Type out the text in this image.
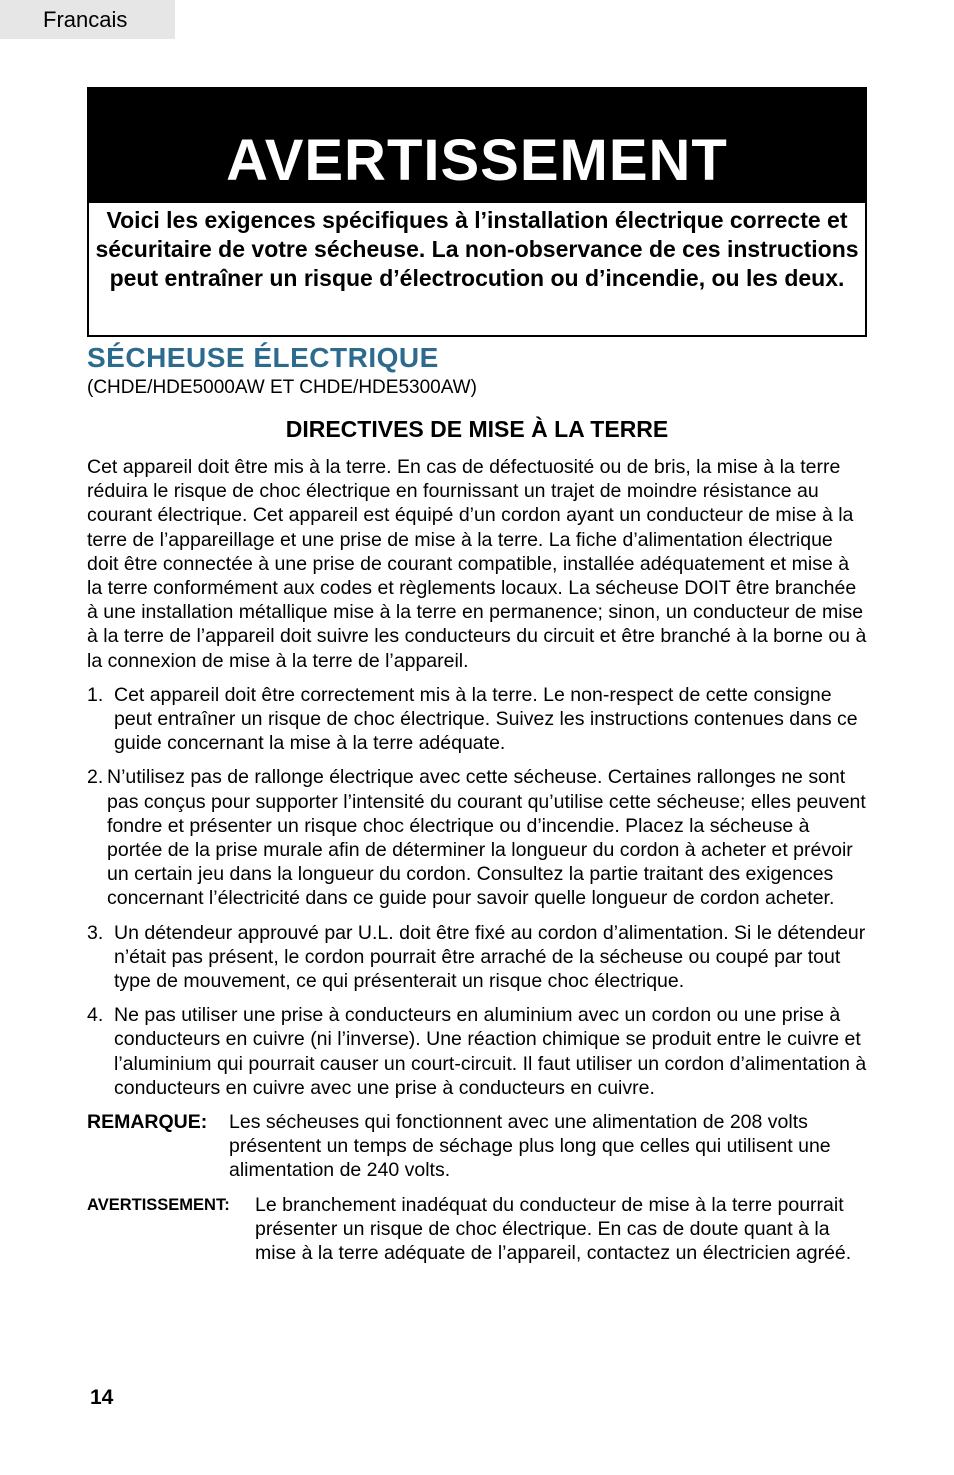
Francais
AVERTISSEMENT
Voici les exigences spécifiques à l’installation électrique correcte et sécuritaire de votre sécheuse. La non-observance de ces instructions peut entraîner un risque d’électrocution ou d’incendie, ou les deux.
SÉCHEUSE ÉLECTRIQUE
(CHDE/HDE5000AW ET CHDE/HDE5300AW)
DIRECTIVES DE MISE À LA TERRE

Cet appareil doit être mis à la terre. En cas de défectuosité ou de bris, la mise à la terre réduira le risque de choc électrique en fournissant un trajet de moindre résistance au courant électrique. Cet appareil est équipé d’un cordon ayant un conducteur de mise à la terre de l’appareillage et une prise de mise à la terre. La fiche d’alimentation électrique doit être connectée à une prise de courant compatible, installée adéquatement et mise à la terre conformément aux codes et règlements locaux. La sécheuse DOIT être branchée à une installation métallique mise à la terre en permanence; sinon, un conducteur de mise à la terre de l’appareil doit suivre les conducteurs du circuit et être branché à la borne ou à la connexion de mise à la terre de l’appareil.

1. Cet appareil doit être correctement mis à la terre. Le non-respect de cette consigne peut entraîner un risque de choc électrique. Suivez les instructions contenues dans ce guide concernant la mise à la terre adéquate.
2. N’utilisez pas de rallonge électrique avec cette sécheuse. Certaines rallonges ne sont pas conçus pour supporter l’intensité du courant qu’utilise cette sécheuse; elles peuvent fondre et présenter un risque choc électrique ou d’incendie. Placez la sécheuse à portée de la prise murale afin de déterminer la longueur du cordon à acheter et prévoir un certain jeu dans la longueur du cordon. Consultez la partie traitant des exigences concernant l’électricité dans ce guide pour savoir quelle longueur de cordon acheter.
3. Un détendeur approuvé par U.L. doit être fixé au cordon d’alimentation. Si le détendeur n’était pas présent, le cordon pourrait être arraché de la sécheuse ou coupé par tout type de mouvement, ce qui présenterait un risque choc électrique.
4. Ne pas utiliser une prise à conducteurs en aluminium avec un cordon ou une prise à conducteurs en cuivre (ni l’inverse). Une réaction chimique se produit entre le cuivre et l’aluminium qui pourrait causer un court-circuit. Il faut utiliser un cordon d’alimentation à conducteurs en cuivre avec une prise à conducteurs en cuivre.
REMARQUE:	Les sécheuses qui fonctionnent avec une alimentation de 208 volts présentent un temps de séchage plus long que celles qui utilisent une alimentation de 240 volts.
AVERTISSEMENT:	Le branchement inadéquat du conducteur de mise à la terre pourrait présenter un risque de choc électrique. En cas de doute quant à la mise à la terre adéquate de l’appareil, contactez un électricien agréé.
14
